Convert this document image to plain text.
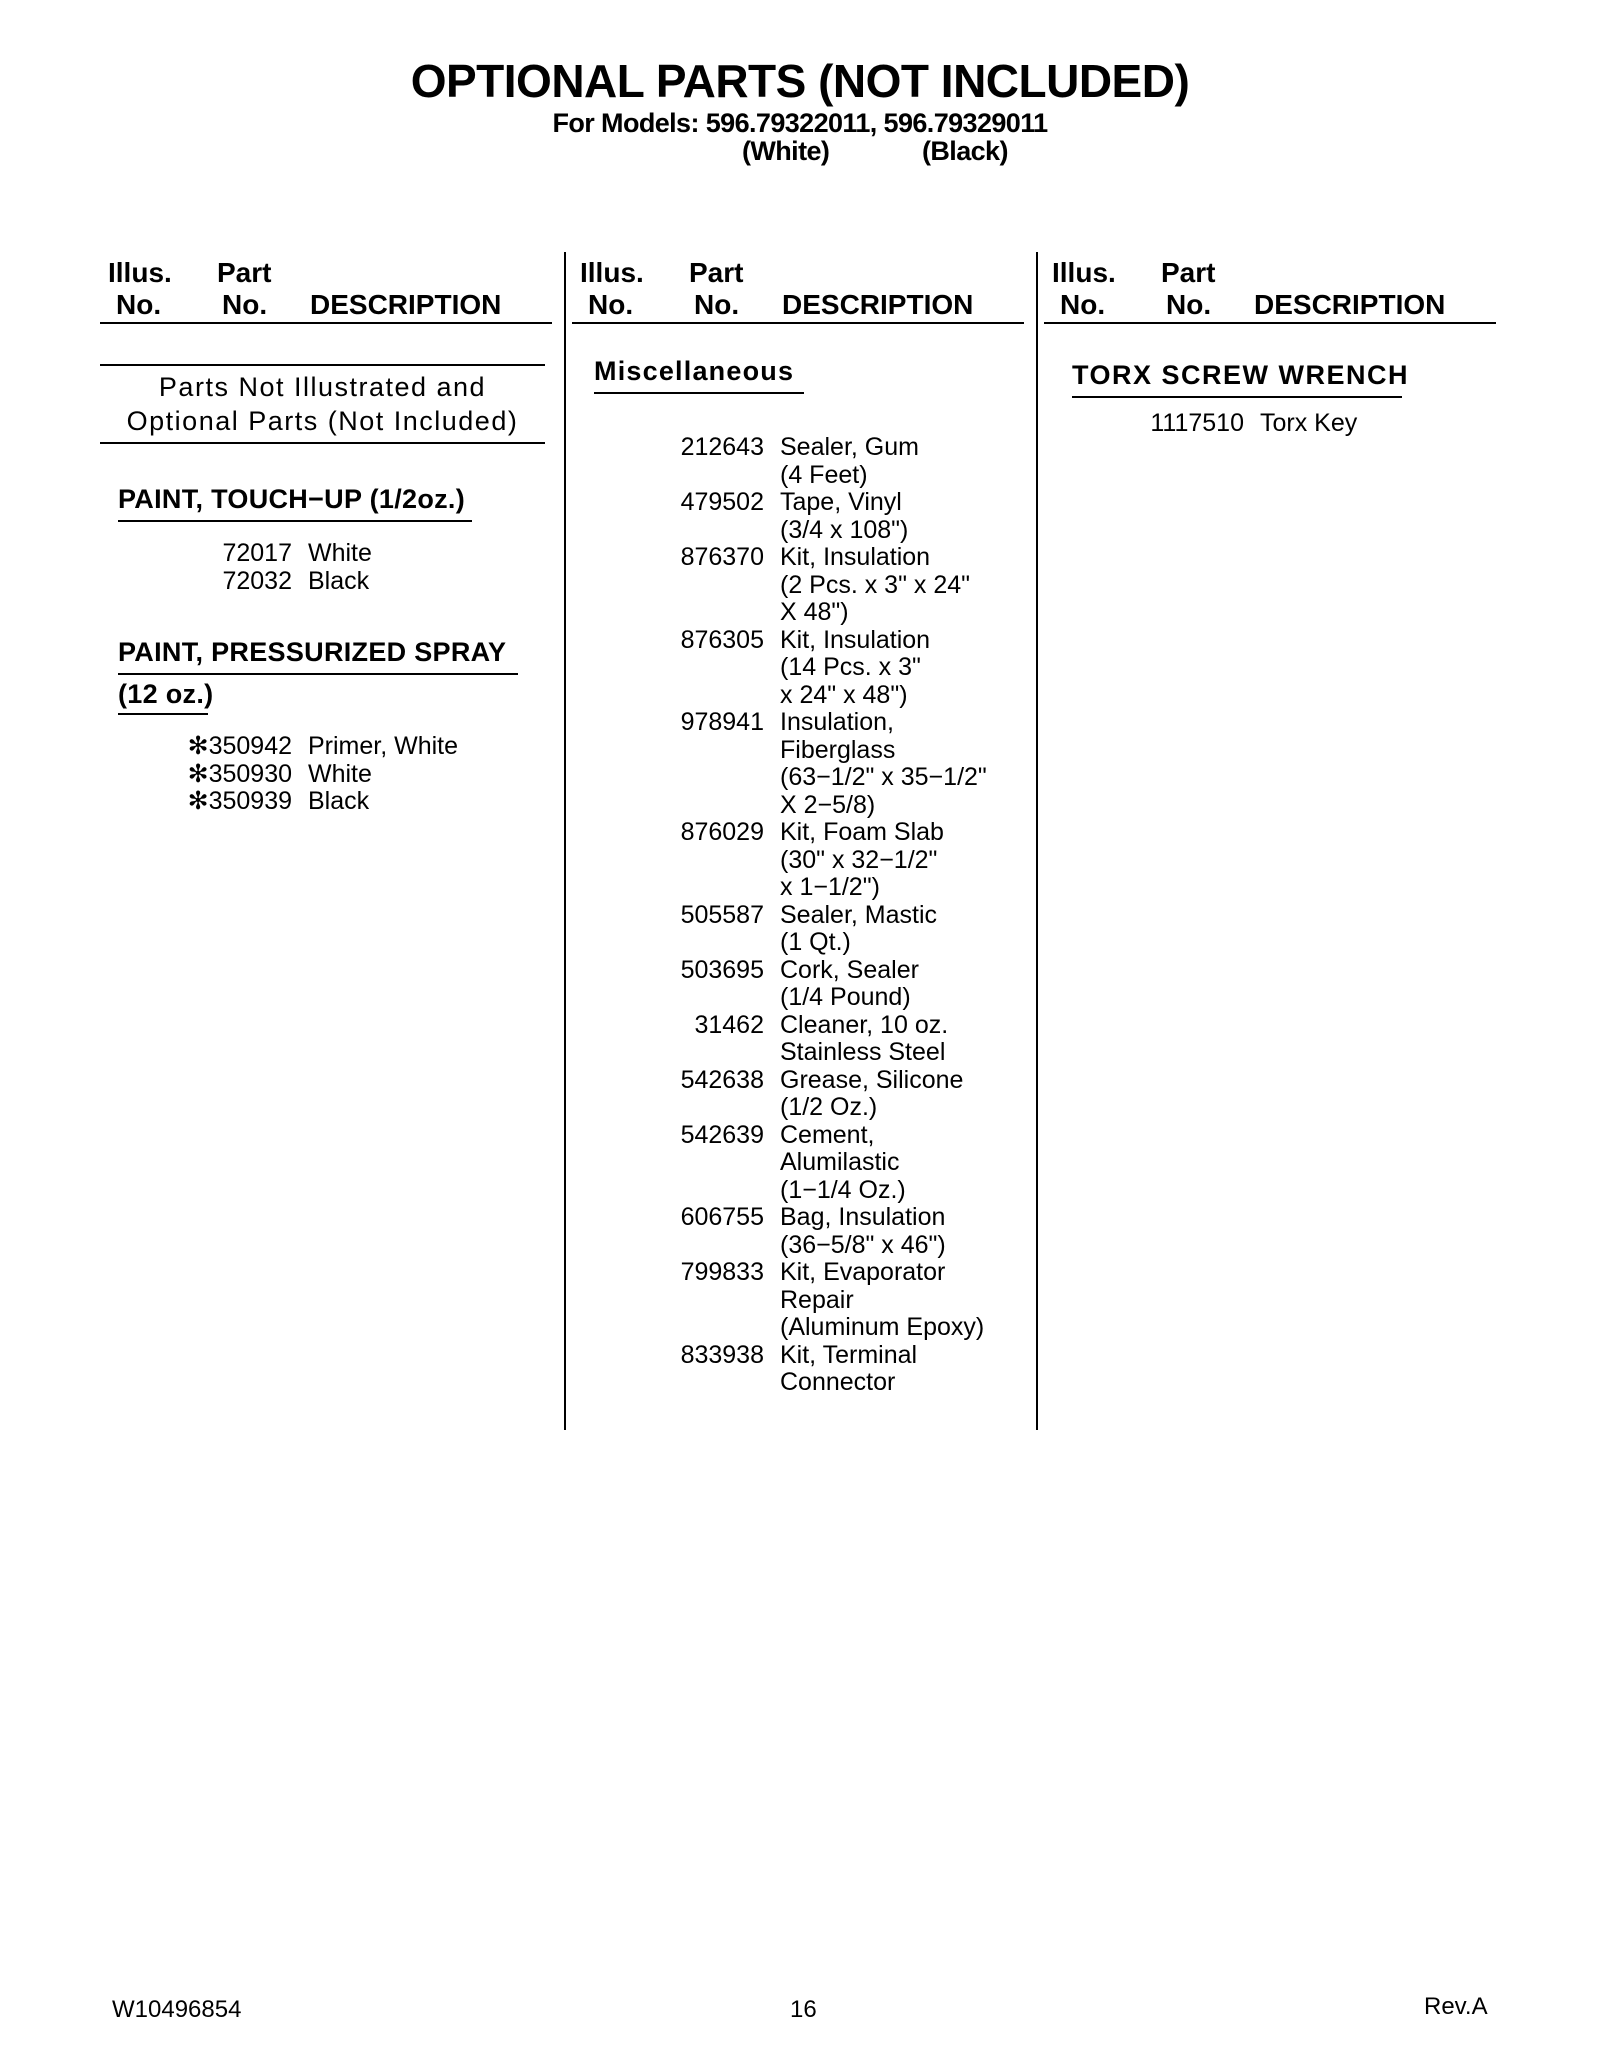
OPTIONAL PARTS (NOT INCLUDED)
For Models: 596.79322011, 596.79329011
(White)	(Black)
Illus.
No.
Part
No. DESCRIPTION
Parts Not Illustrated and
Optional Parts (Not Included)
PAINT, TOUCH−UP (1/2oz.)
72017 White
72032 Black
PAINT, PRESSURIZED SPRAY
(12 oz.)
✻350942 Primer, White
✻350930 White
✻350939 Black
Illus.
No.
Part
No. DESCRIPTION
Miscellaneous
212643 Sealer, Gum
(4 Feet)
479502 Tape, Vinyl
(3/4 x 108")
876370 Kit, Insulation
(2 Pcs. x 3" x 24"
X 48")
876305 Kit, Insulation
(14 Pcs. x 3"
x 24" x 48")
978941 Insulation,
Fiberglass
(63−1/2" x 35−1/2"
X 2−5/8)
876029 Kit, Foam Slab
(30" x 32−1/2"
x 1−1/2")
505587 Sealer, Mastic
(1 Qt.)
503695 Cork, Sealer
(1/4 Pound)
31462 Cleaner, 10 oz.
Stainless Steel
542638 Grease, Silicone
(1/2 Oz.)
542639 Cement,
Alumilastic
(1−1/4 Oz.)
606755 Bag, Insulation
(36−5/8" x 46")
799833 Kit, Evaporator
Repair
(Aluminum Epoxy)
833938 Kit, Terminal
Connector
Illus.
No.
Part
No. DESCRIPTION
TORX SCREW WRENCH
1117510 Torx Key
W10496854	16	Rev.A
